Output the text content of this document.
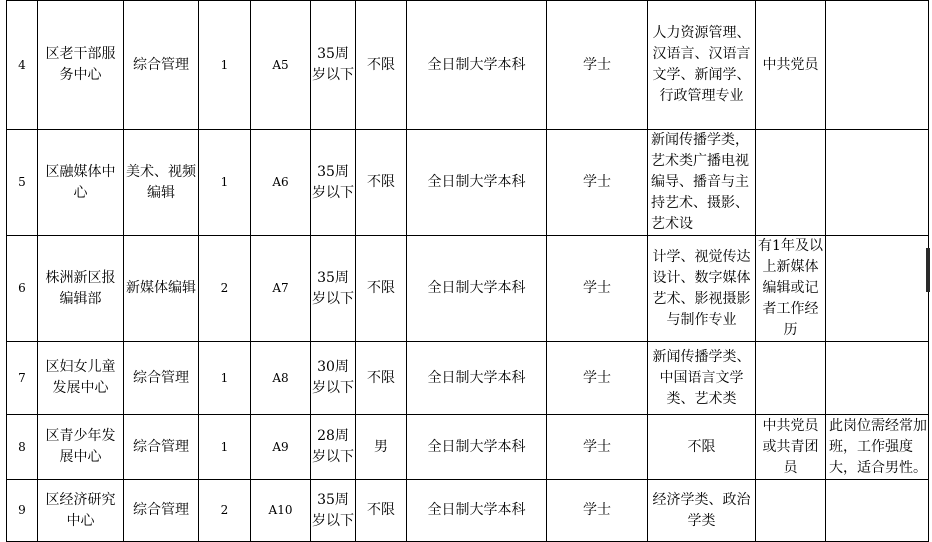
4	区老干部服务中心	综合管理	1	A5	35周岁以下	不限	全日制大学本科	学士	人力资源管理、汉语言、汉语言文学、新闻学、行政管理专业	中共党员	
5	区融媒体中心	美术、视频编辑	1	A6	35周岁以下	不限	全日制大学本科	学士	新闻传播学类，艺术类广播电视编导、播音与主持艺术、摄影、艺术设		
6	株洲新区报编辑部	新媒体编辑	2	A7	35周岁以下	不限	全日制大学本科	学士	计学、视觉传达设计、数字媒体艺术、影视摄影与制作专业	有1年及以上新媒体编辑或记者工作经历	
7	区妇女儿童发展中心	综合管理	1	A8	30周岁以下	不限	全日制大学本科	学士	新闻传播学类、中国语言文学类、艺术类		
8	区青少年发展中心	综合管理	1	A9	28周岁以下	男	全日制大学本科	学士	不限	中共党员或共青团员	此岗位需经常加班，工作强度大，适合男性。
9	区经济研究中心	综合管理	2	A10	35周岁以下	不限	全日制大学本科	学士	经济学类、政治学类		
